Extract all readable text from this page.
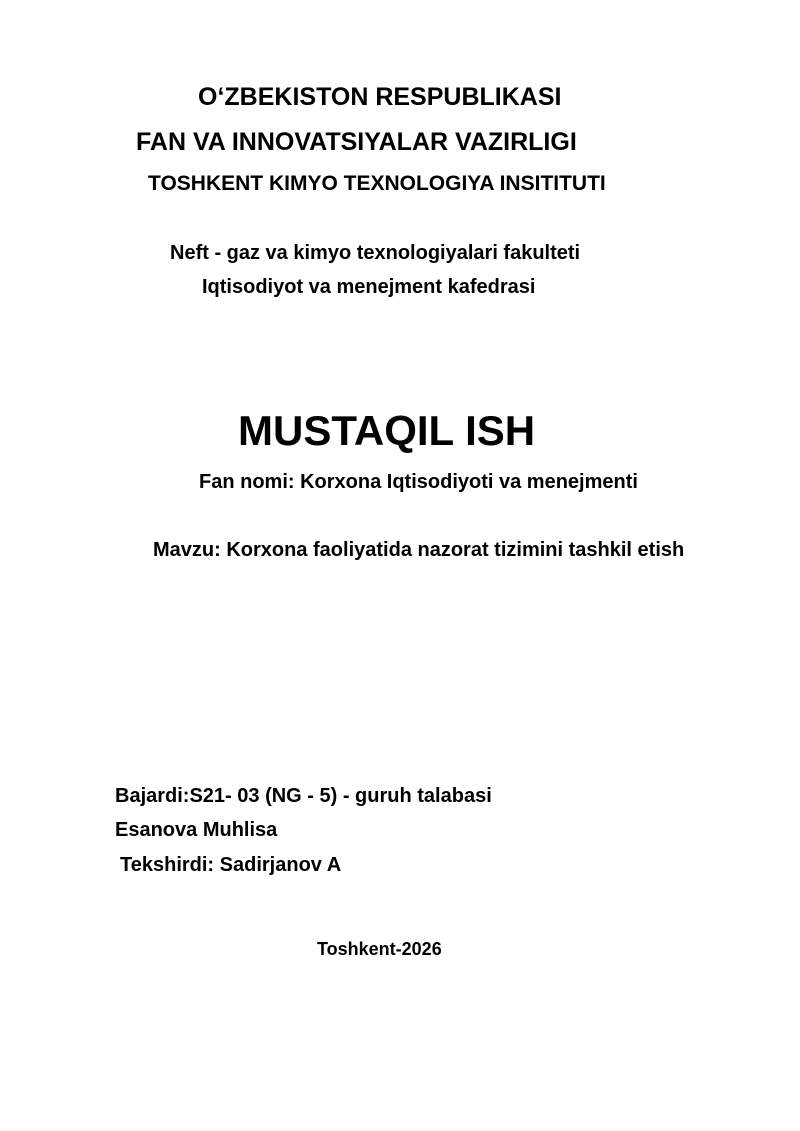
O‘ZBEKISTON RESPUBLIKASI
FAN VA INNOVATSIYALAR VAZIRLIGI
TOSHKENT KIMYO TEXNOLOGIYA INSITITUTI
Neft - gaz va kimyo texnologiyalari fakulteti
Iqtisodiyot va menejment kafedrasi
MUSTAQIL ISH
Fan nomi: Korxona Iqtisodiyoti va menejmenti
Mavzu: Korxona faoliyatida nazorat tizimini tashkil etish
Bajardi:S21- 03 (NG - 5) - guruh talabasi
Esanova Muhlisa
Tekshirdi: Sadirjanov A
Toshkent-2026
